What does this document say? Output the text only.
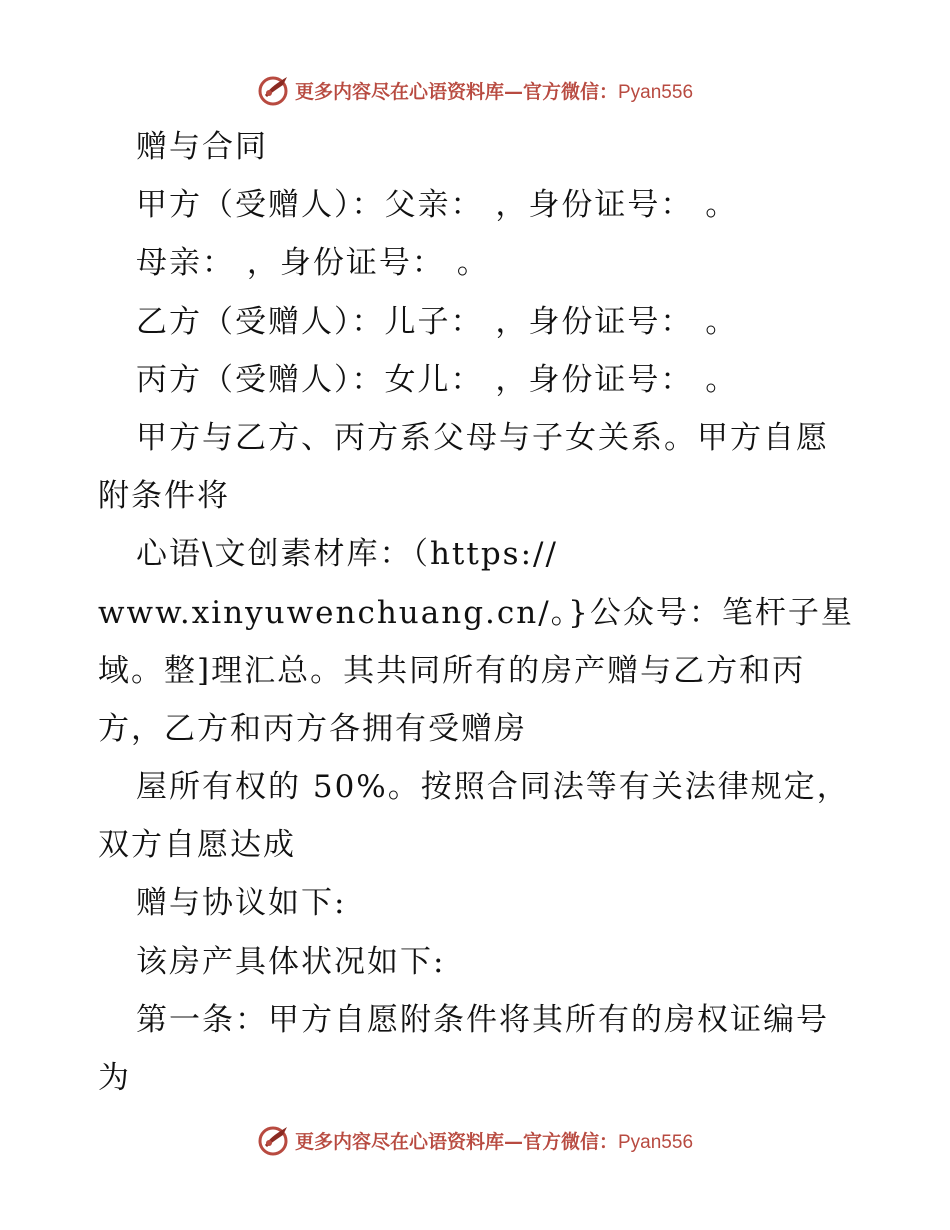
更多内容尽在心语资料库—官方微信：Pyan556
赠与合同
甲方（受赠人）：父亲： ，身份证号： 。
母亲： ，身份证号： 。
乙方（受赠人）：儿子： ，身份证号： 。
丙方（受赠人）：女儿： ，身份证号： 。
甲方与乙方、丙方系父母与子女关系。甲方自愿
附条件将
心语\文创素材库：（https://
www.xinyuwenchuang.cn/。}公众号：笔杆子星
域。整]理汇总。其共同所有的房产赠与乙方和丙
方，乙方和丙方各拥有受赠房
屋所有权的 50%。按照合同法等有关法律规定，
双方自愿达成
赠与协议如下:
该房产具体状况如下:
第一条：甲方自愿附条件将其所有的房权证编号
为
更多内容尽在心语资料库—官方微信：Pyan556
